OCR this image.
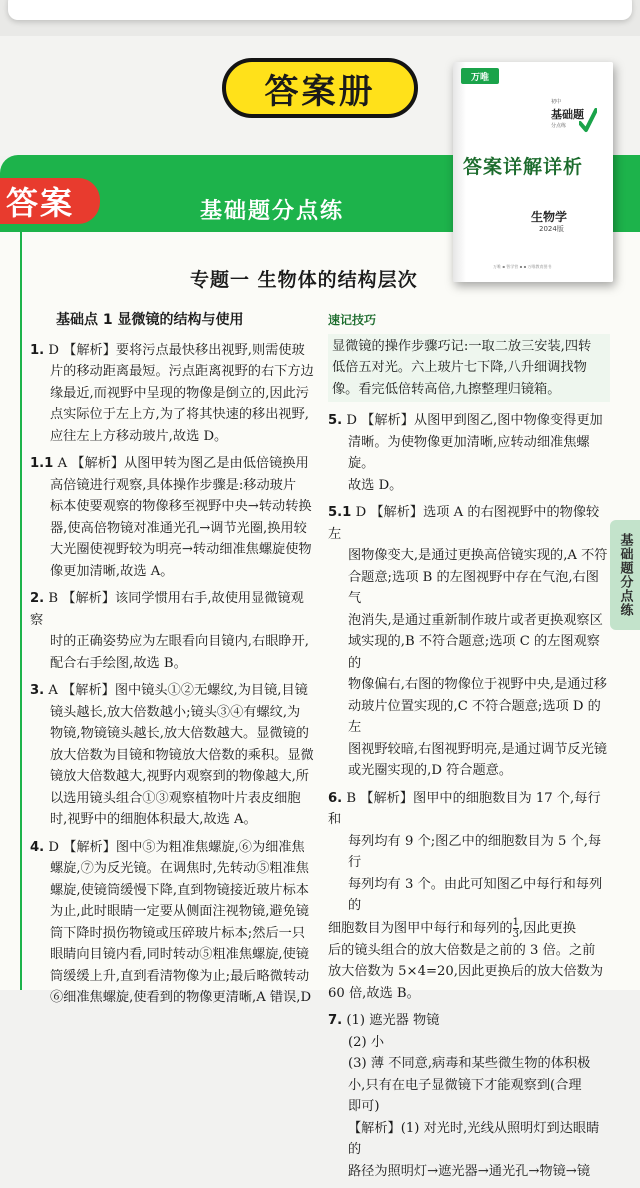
答案册
答案	基础题分点练
万唯
初中
基础题
分点练
答案详解详析
生物学
2024版
万唯 ▪ 智学营 ▪ ▪ 万唯教育图书
专题一 生物体的结构层次
基础题分点练
基础点 1 显微镜的结构与使用
1. D 【解析】要将污点最快移出视野,则需使玻
片的移动距离最短。污点距离视野的右下方边
缘最近,而视野中呈现的物像是倒立的,因此污
点实际位于左上方,为了将其快速的移出视野,
应往左上方移动玻片,故选 D。
1.1 A 【解析】从图甲转为图乙是由低倍镜换用
高倍镜进行观察,具体操作步骤是:移动玻片
标本使要观察的物像移至视野中央→转动转换
器,使高倍物镜对准通光孔→调节光圈,换用较
大光圈使视野较为明亮→转动细准焦螺旋使物
像更加清晰,故选 A。
2. B 【解析】该同学惯用右手,故使用显微镜观察
时的正确姿势应为左眼看向目镜内,右眼睁开,
配合右手绘图,故选 B。
3. A 【解析】图中镜头①②无螺纹,为目镜,目镜
镜头越长,放大倍数越小;镜头③④有螺纹,为
物镜,物镜镜头越长,放大倍数越大。显微镜的
放大倍数为目镜和物镜放大倍数的乘积。显微
镜放大倍数越大,视野内观察到的物像越大,所
以选用镜头组合①③观察植物叶片表皮细胞
时,视野中的细胞体积最大,故选 A。
4. D 【解析】图中⑤为粗准焦螺旋,⑥为细准焦
螺旋,⑦为反光镜。在调焦时,先转动⑤粗准焦
螺旋,使镜筒缓慢下降,直到物镜接近玻片标本
为止,此时眼睛一定要从侧面注视物镜,避免镜
筒下降时损伤物镜或压碎玻片标本;然后一只
眼睛向目镜内看,同时转动⑤粗准焦螺旋,使镜
筒缓缓上升,直到看清物像为止;最后略微转动
⑥细准焦螺旋,使看到的物像更清晰,A 错误,D
速记技巧
显微镜的操作步骤巧记:一取二放三安装,四转
低倍五对光。六上玻片七下降,八升细调找物
像。看完低倍转高倍,九擦整理归镜箱。
5. D 【解析】从图甲到图乙,图中物像变得更加
清晰。为使物像更加清晰,应转动细准焦螺旋。
故选 D。
5.1 D 【解析】选项 A 的右图视野中的物像较左
图物像变大,是通过更换高倍镜实现的,A 不符
合题意;选项 B 的左图视野中存在气泡,右图气
泡消失,是通过重新制作玻片或者更换观察区
域实现的,B 不符合题意;选项 C 的左图观察的
物像偏右,右图的物像位于视野中央,是通过移
动玻片位置实现的,C 不符合题意;选项 D 的左
图视野较暗,右图视野明亮,是通过调节反光镜
或光圈实现的,D 符合题意。
6. B 【解析】图甲中的细胞数目为 17 个,每行和
每列均有 9 个;图乙中的细胞数目为 5 个,每行
每列均有 3 个。由此可知图乙中每行和每列的
细胞数目为图甲中每行和每列的 $\frac{1}{3}$ ,因此更换
后的镜头组合的放大倍数是之前的 3 倍。之前
放大倍数为 5×4=20,因此更换后的放大倍数为
60 倍,故选 B。
7. (1) 遮光器 物镜
(2) 小
(3) 薄 不同意,病毒和某些微生物的体积极
小,只有在电子显微镜下才能观察到(合理
即可)
【解析】(1) 对光时,光线从照明灯到达眼睛的
路径为照明灯→遮光器→通光孔→物镜→镜
